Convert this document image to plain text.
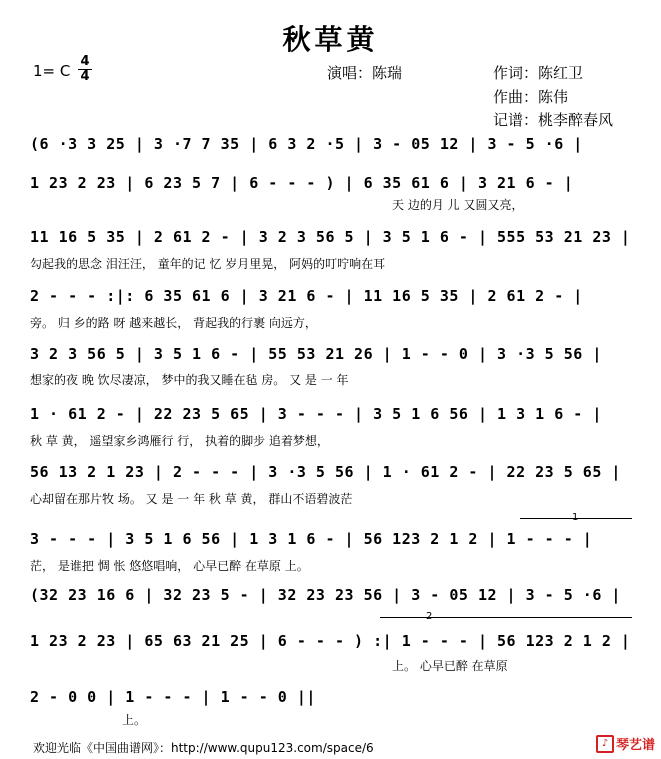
秋草黄
1= C
4
4	演唱：陈瑞	作词：陈红卫
作曲：陈伟
记谱：桃李醉春风
(6 ·3 3 25 | 3 ·7 7 35 | 6 3 2 ·5 | 3 - 05 12 | 3 - 5 ·6 |
1 23 2 23 | 6 23 5 7 | 6 - - - ) | 6 35 61 6 | 3 21 6 - |
天 边的月 儿 又圆又亮，
11 16 5 35 | 2 61 2 - | 3 2 3 56 5 | 3 5 1 6 - | 555 53 21 23 |
勾起我的思念 泪汪汪， 童年的记 忆 岁月里晃， 阿妈的叮咛响在耳
2 - - - :|: 6 35 61 6 | 3 21 6 - | 11 16 5 35 | 2 61 2 - |
旁。 归 乡的路 呀 越来越长， 背起我的行裹 向远方，
3 2 3 56 5 | 3 5 1 6 - | 55 53 21 26 | 1 - - 0 | 3 ·3 5 56 |
想家的夜 晚 饮尽凄凉， 梦中的我又睡在毡 房。 又 是 一 年
1 · 61 2 - | 22 23 5 65 | 3 - - - | 3 5 1 6 56 | 1 3 1 6 - |
秋 草 黄， 遥望家乡鸿雁行 行， 执着的脚步 追着梦想，
56 13 2 1 23 | 2 - - - | 3 ·3 5 56 | 1 · 61 2 - | 22 23 5 65 |
心却留在那片牧 场。 又 是 一 年 秋 草 黄， 群山不语碧波茫
1
3 - - - | 3 5 1 6 56 | 1 3 1 6 - | 56 123 2 1 2 | 1 - - - |
茫， 是谁把 惆 怅 悠悠唱响， 心早已醉 在草原 上。
(32 23 16 6 | 32 23 5 - | 32 23 23 56 | 3 - 05 12 | 3 - 5 ·6 |
2
1 23 2 23 | 65 63 21 25 | 6 - - - ) :| 1 - - - | 56 123 2 1 2 |
上。 心早已醉 在草原
2 - 0 0 | 1 - - - | 1 - - 0 ||
上。
欢迎光临《中国曲谱网》：http://www.qupu123.com/space/6	♪ 琴艺谱
